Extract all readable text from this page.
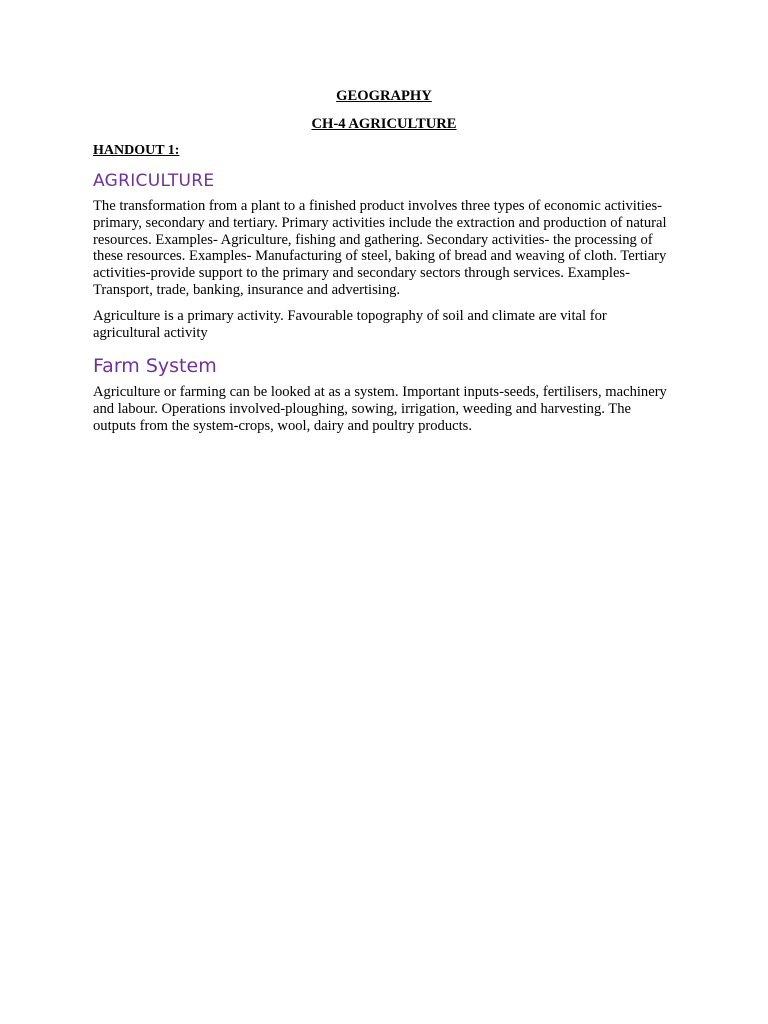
GEOGRAPHY

CH-4 AGRICULTURE

HANDOUT 1:

AGRICULTURE

The transformation from a plant to a finished product involves three types of economic activities-primary, secondary and tertiary. Primary activities include the extraction and production of natural resources. Examples- Agriculture, fishing and gathering. Secondary activities- the processing of these resources. Examples- Manufacturing of steel, baking of bread and weaving of cloth. Tertiary activities-provide support to the primary and secondary sectors through services. Examples- Transport, trade, banking, insurance and advertising.

Agriculture is a primary activity. Favourable topography of soil and climate are vital for agricultural activity

Farm System

Agriculture or farming can be looked at as a system. Important inputs-seeds, fertilisers, machinery and labour. Operations involved-ploughing, sowing, irrigation, weeding and harvesting. The outputs from the system-crops, wool, dairy and poultry products.
